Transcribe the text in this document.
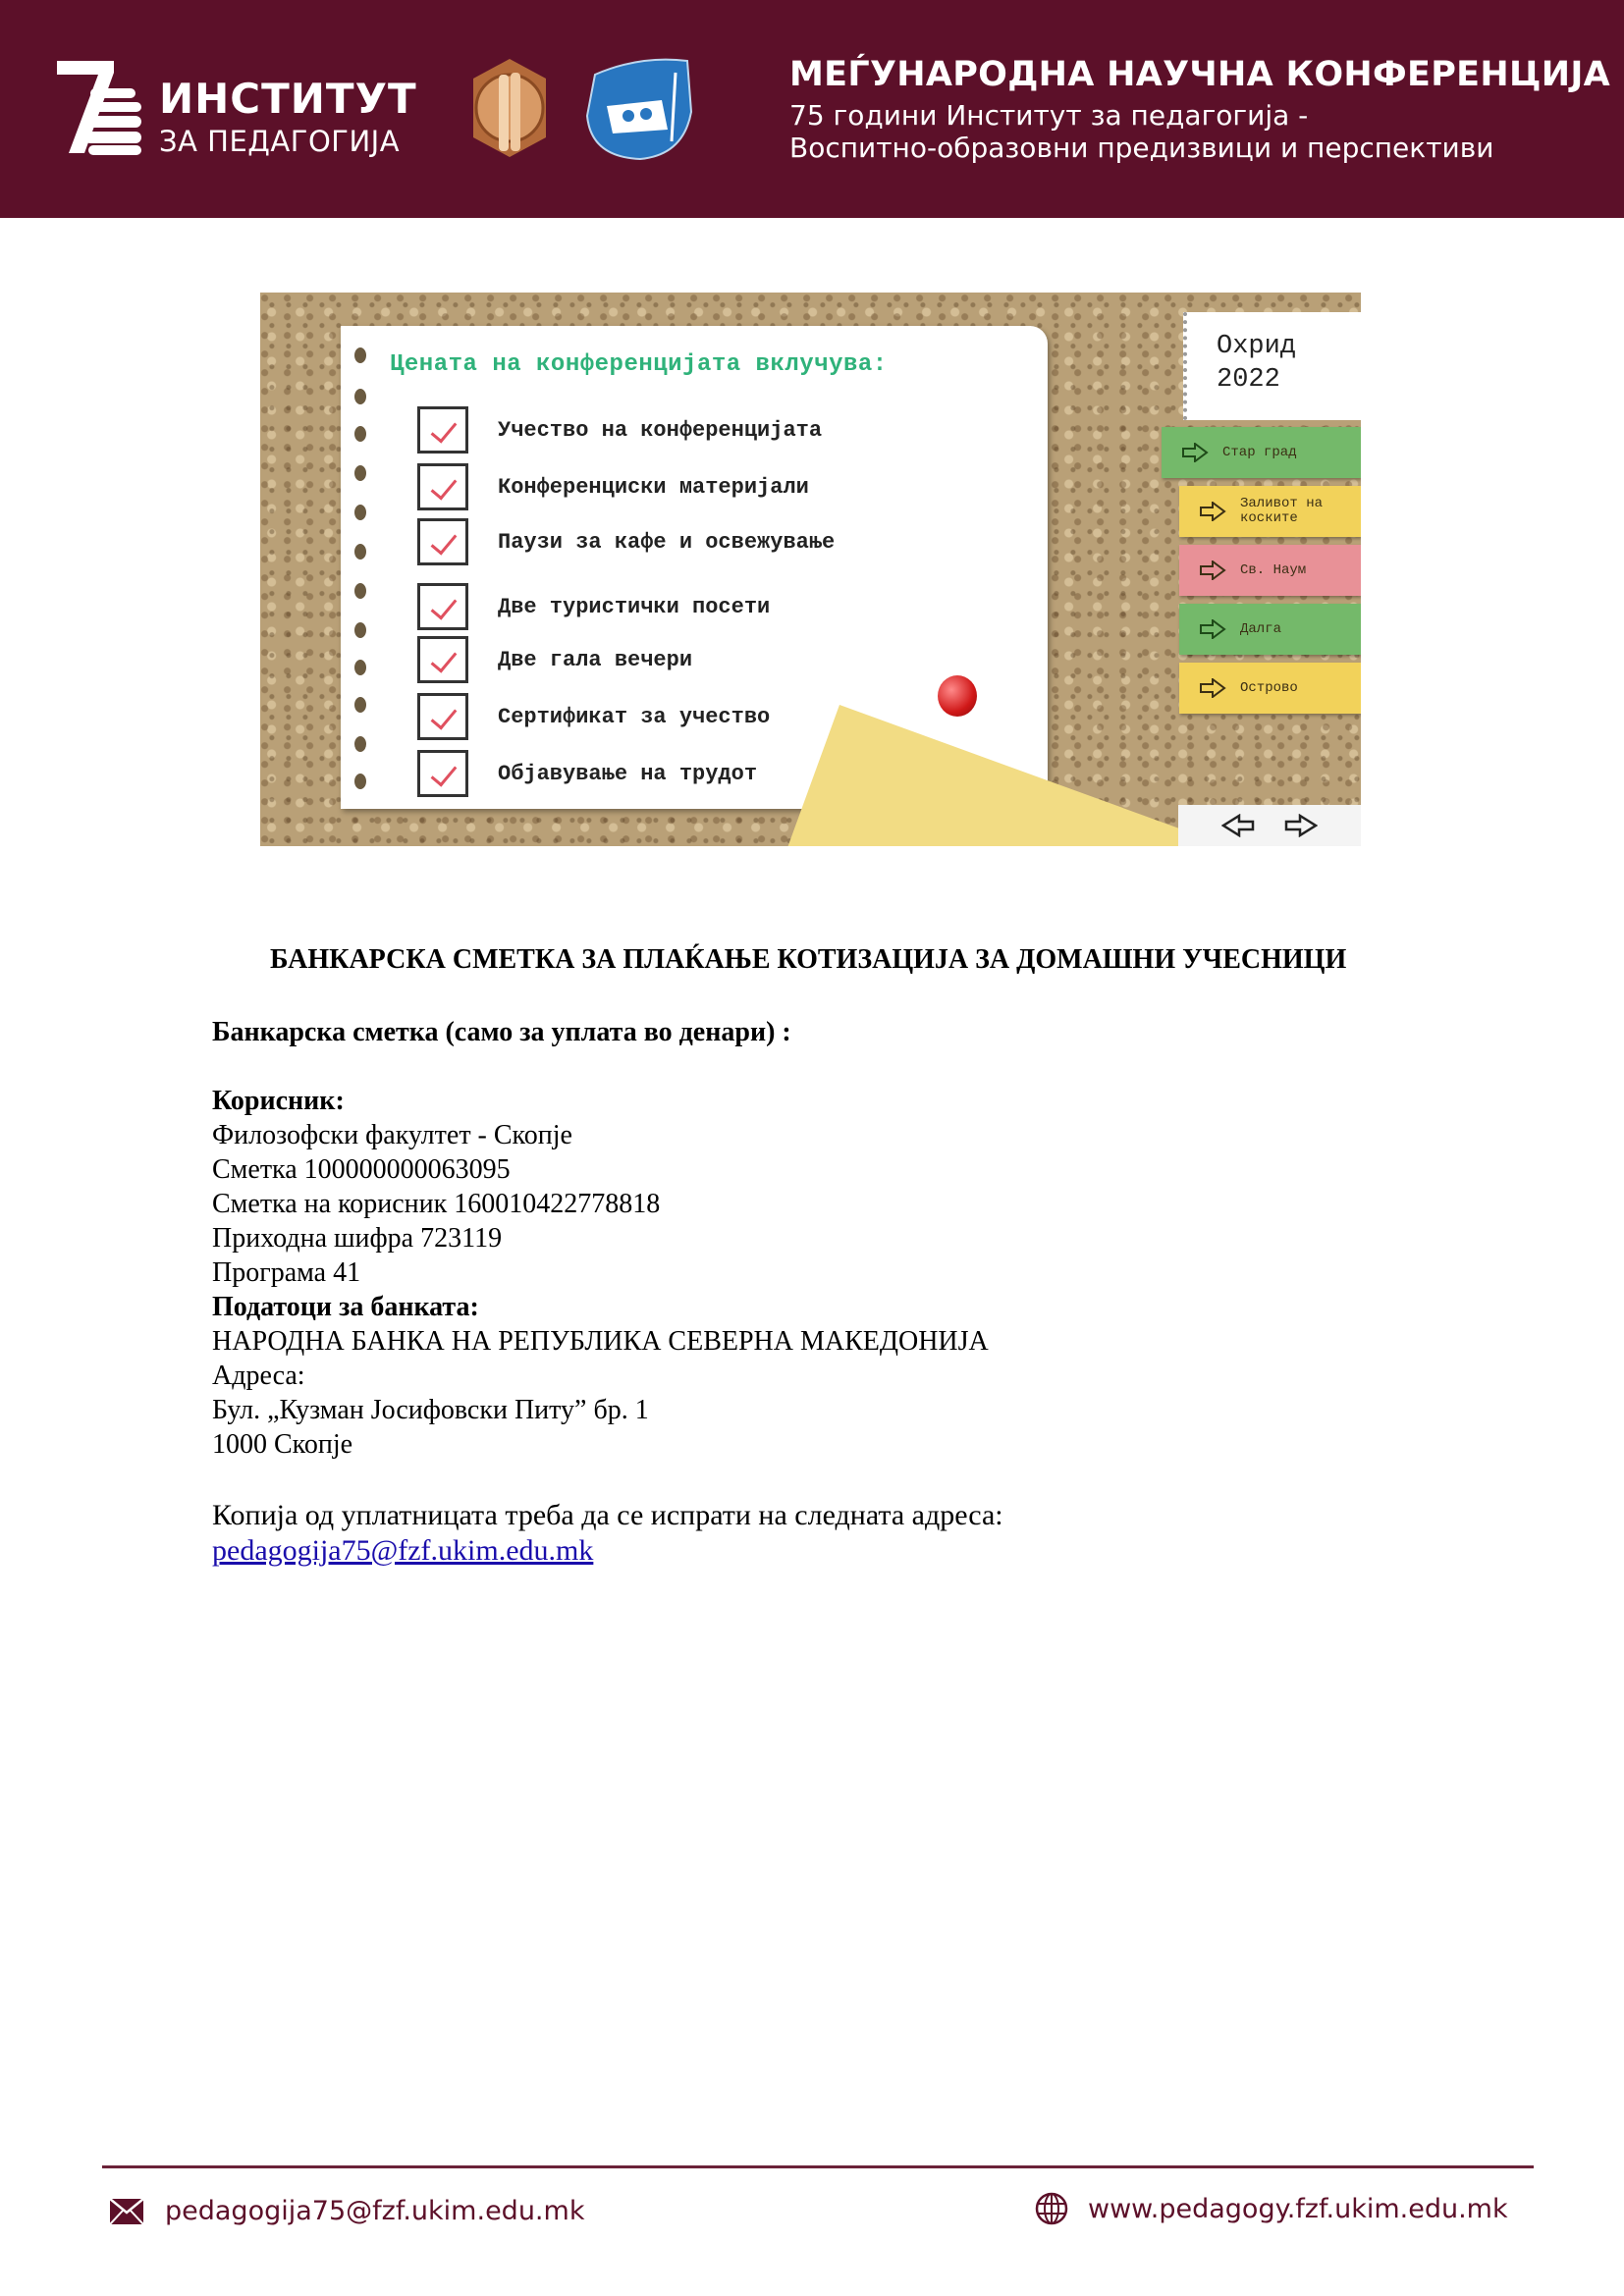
ИНСТИТУТ
ЗА ПЕДАГОГИЈА
МЕЃУНАРОДНА НАУЧНА КОНФЕРЕНЦИЈА
75 години Институт за педагогија -
Воспитно-образовни предизвици и перспективи
Цената на конференцијата вклучува:
Учество на конференцијата
Конференциски материјали
Паузи за кафе и освежување
Две туристички посети
Две гала вечери
Сертификат за учество
Објавување на трудот
Охрид
2022
Стар град
Заливот на коските
Св. Наум
Далга
Острово
БАНКАРСКА СМЕТКА ЗА ПЛАЌАЊЕ КОТИЗАЦИЈА ЗА ДОМАШНИ УЧЕСНИЦИ
Банкарска сметка (само за уплата во денари) :
Корисник:
Филозофски факултет - Скопје
Сметка 100000000063095
Сметка на корисник 160010422778818
Приходна шифра 723119
Програма 41
Податоци за банката:
НАРОДНА БАНКА НА РЕПУБЛИКА СЕВЕРНА МАКЕДОНИЈА
Адреса:
Бул. „Кузман Јосифовски Питу” бр. 1
1000 Скопје
Копија од уплатницата треба да се испрати на следната адреса:
pedagogija75@fzf.ukim.edu.mk
pedagogija75@fzf.ukim.edu.mk	www.pedagogy.fzf.ukim.edu.mk
